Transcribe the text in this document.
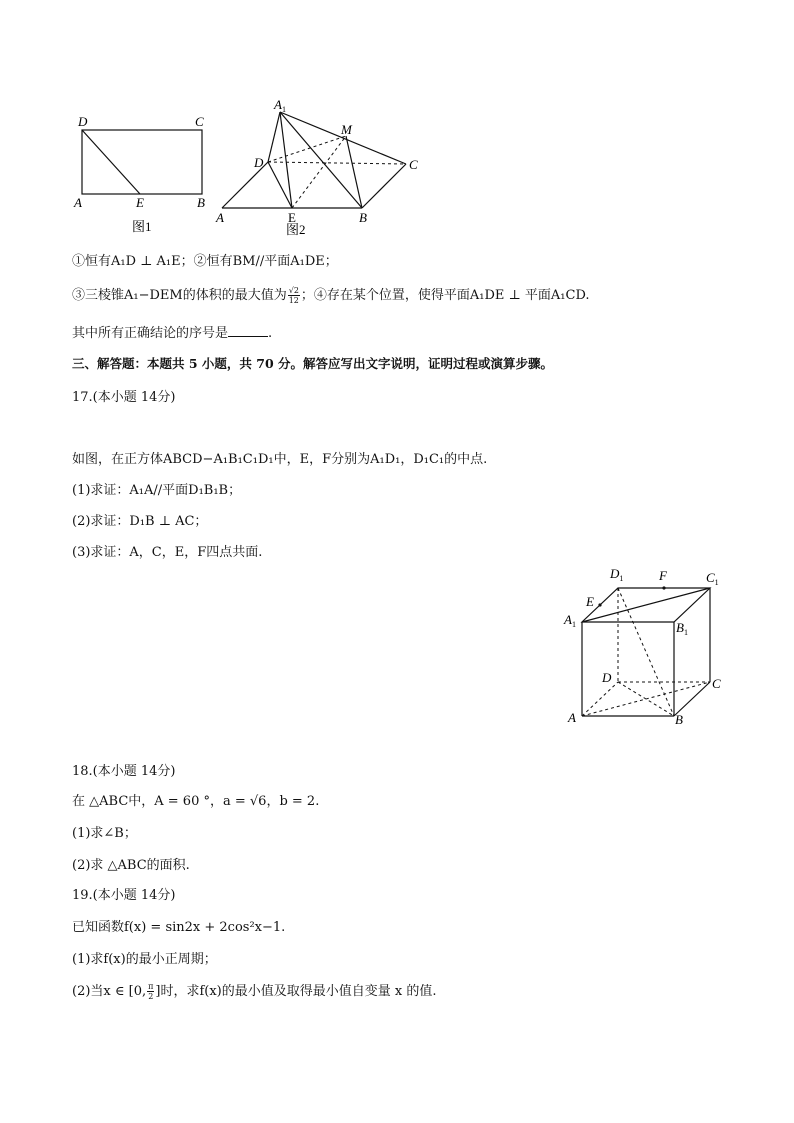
D	C
A	B
E
图1
$A_1$
M
D	C
A	E	B
图2
①恒有A₁D ⊥ A₁E；②恒有BM//平面A₁DE；
③三棱锥A₁−DEM的体积的最大值为 $\frac{√2}{12}$ ；④存在某个位置，使得平面A₁DE ⊥ 平面A₁CD.
其中所有正确结论的序号是	.
三、解答题：本题共 5 小题，共 70 分。解答应写出文字说明，证明过程或演算步骤。
17.(本小题 14分)
如图，在正方体ABCD−A₁B₁C₁D₁中，E，F分别为A₁D₁，D₁C₁的中点.
(1)求证：A₁A//平面D₁B₁B；
(2)求证：D₁B ⊥ AC；
(3)求证：A，C，E，F四点共面.
$D_1$	F	$C_1$
E
$A_1$	$B_1$
D	C
A	B
18.(本小题 14分)
在 △ABC中，A = 60 °，a = √6，b = 2.
(1)求∠B；
(2)求 △ABC的面积.
19.(本小题 14分)
已知函数f(x) = sin2x + 2cos²x−1.
(1)求f(x)的最小正周期；
(2)当x ∈ [0, $\frac{\pi}{2}$ ]时，求f(x)的最小值及取得最小值自变量 x 的值.
